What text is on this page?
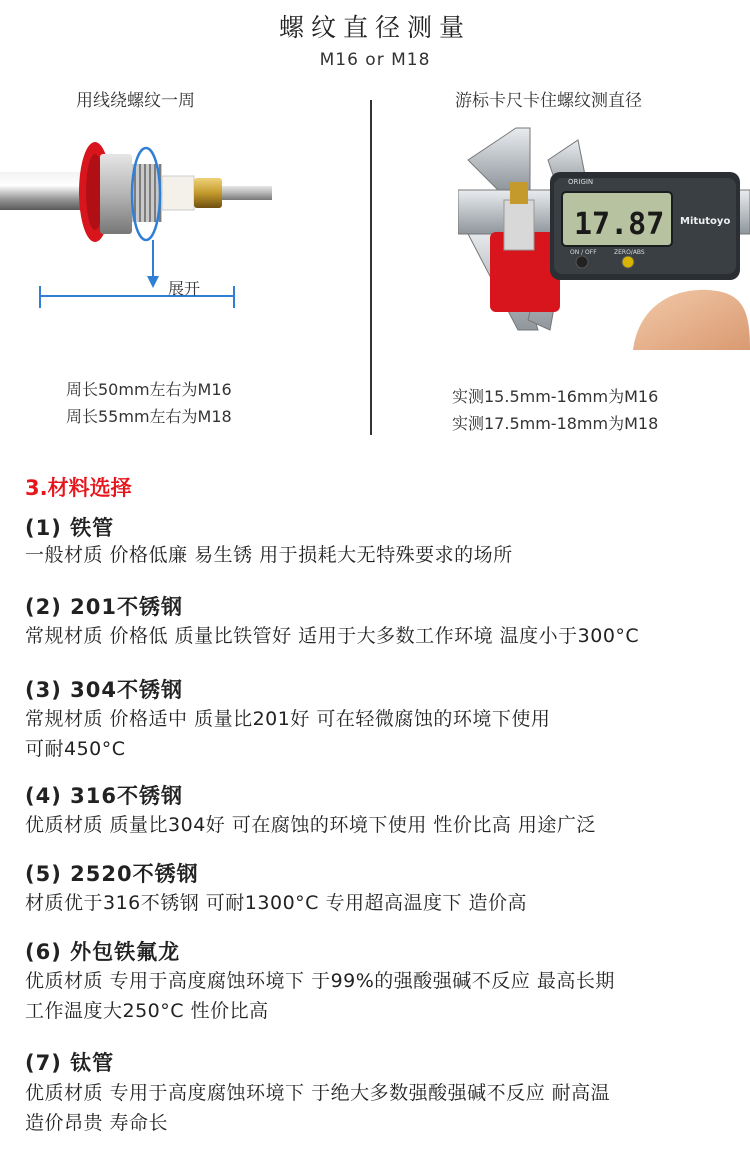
螺纹直径测量
M16 or M18
用线绕螺纹一周
展开
周长50mm左右为M16
周长55mm左右为M18
游标卡尺卡住螺纹测直径
ORIGIN
17.87
ON / OFF	ZERO/ABS
Mitutoyo
实测15.5mm-16mm为M16
实测17.5mm-18mm为M18
3.材料选择
(1) 铁管
一般材质 价格低廉 易生锈 用于损耗大无特殊要求的场所
(2) 201不锈钢
常规材质 价格低 质量比铁管好 适用于大多数工作环境 温度小于300°C
(3) 304不锈钢
常规材质 价格适中 质量比201好 可在轻微腐蚀的环境下使用
可耐450°C
(4) 316不锈钢
优质材质 质量比304好 可在腐蚀的环境下使用 性价比高 用途广泛
(5) 2520不锈钢
材质优于316不锈钢 可耐1300°C 专用超高温度下 造价高
(6) 外包铁氟龙
优质材质 专用于高度腐蚀环境下 于99%的强酸强碱不反应 最高长期
工作温度大250°C 性价比高
(7) 钛管
优质材质 专用于高度腐蚀环境下 于绝大多数强酸强碱不反应 耐高温
造价昂贵 寿命长
